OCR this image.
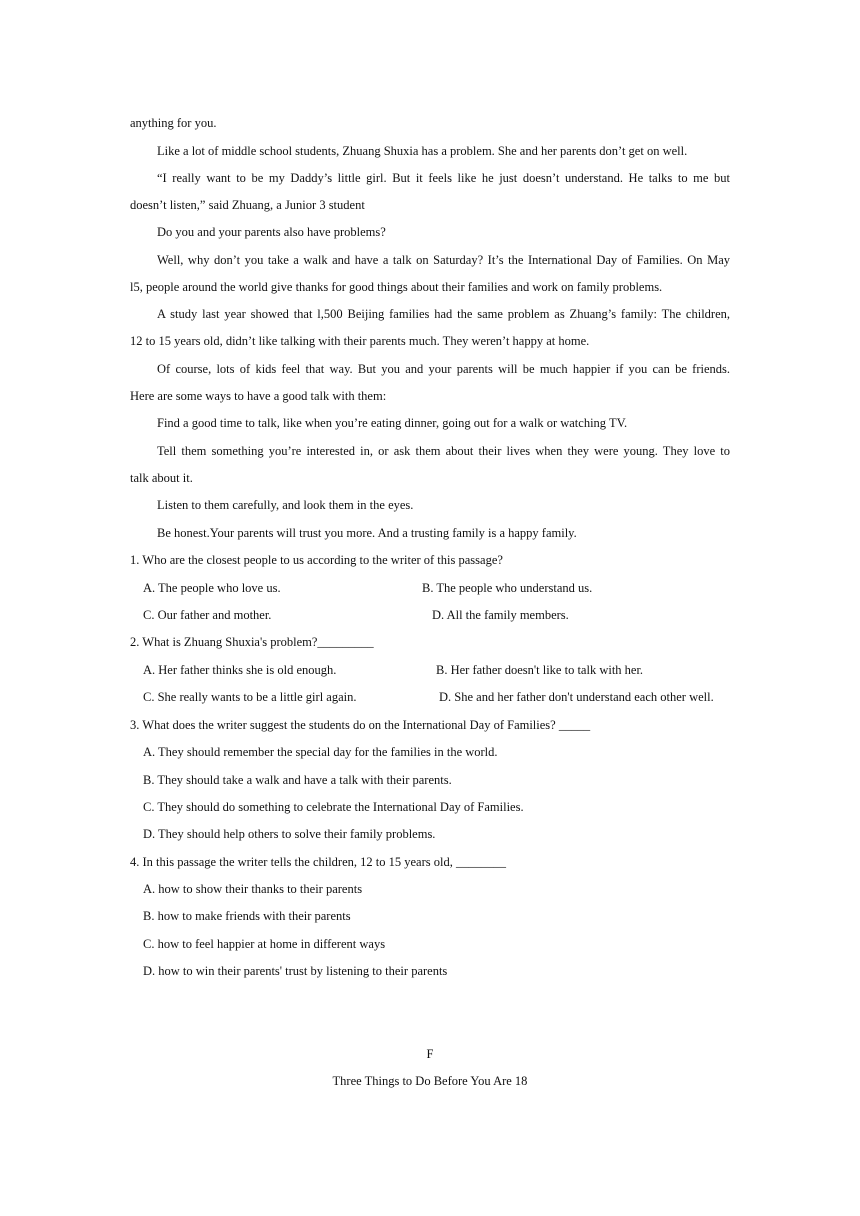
anything for you.
Like a lot of middle school students, Zhuang Shuxia has a problem. She and her parents don’t get on well.
“I really want to be my Daddy’s little girl. But it feels like he just doesn’t understand. He talks to me but
doesn’t listen,” said Zhuang, a Junior 3 student
Do you and your parents also have problems?
Well, why don’t you take a walk and have a talk on Saturday? It’s the International Day of Families. On May
l5, people around the world give thanks for good things about their families and work on family problems.
A study last year showed that l,500 Beijing families had the same problem as Zhuang’s family: The children,
12 to 15 years old, didn’t like talking with their parents much. They weren’t happy at home.
Of course, lots of kids feel that way. But you and your parents will be much happier if you can be friends.
Here are some ways to have a good talk with them:
Find a good time to talk, like when you’re eating dinner, going out for a walk or watching TV.
Tell them something you’re interested in, or ask them about their lives when they were young. They love to
talk about it.
Listen to them carefully, and look them in the eyes.
Be honest.Your parents will trust you more. And a trusting family is a happy family.
1. Who are the closest people to us according to the writer of this passage?
A. The people who love us.	B. The people who understand us.
C. Our father and mother.	D. All the family members.
2. What is Zhuang Shuxia's problem?_________
A. Her father thinks she is old enough.	B. Her father doesn't like to talk with her.
C. She really wants to be a little girl again.	D. She and her father don't understand each other well.
3. What does the writer suggest the students do on the International Day of Families? _____
A. They should remember the special day for the families in the world.
B. They should take a walk and have a talk with their parents.
C. They should do something to celebrate the International Day of Families.
D. They should help others to solve their family problems.
4. In this passage the writer tells the children, 12 to 15 years old, ________
A. how to show their thanks to their parents
B. how to make friends with their parents
C. how to feel happier at home in different ways
D. how to win their parents' trust by listening to their parents
F
Three Things to Do Before You Are 18
